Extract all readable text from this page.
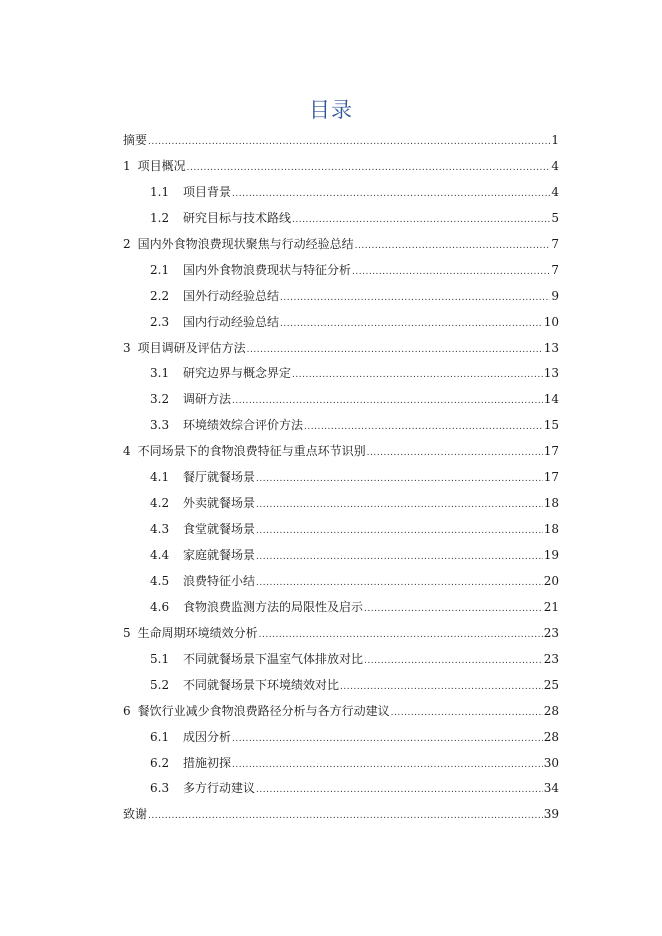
目录
摘要 .....	1
1 项目概况 .....	4
1.1	项目背景 .....	4
1.2	研究目标与技术路线 .....	5
2 国内外食物浪费现状聚焦与行动经验总结 .....	7
2.1	国内外食物浪费现状与特征分析 .....	7
2.2	国外行动经验总结 .....	9
2.3	国内行动经验总结 .....	10
3 项目调研及评估方法 .....	13
3.1	研究边界与概念界定 .....	13
3.2	调研方法 .....	14
3.3	环境绩效综合评价方法 .....	15
4 不同场景下的食物浪费特征与重点环节识别 .....	17
4.1	餐厅就餐场景 .....	17
4.2	外卖就餐场景 .....	18
4.3	食堂就餐场景 .....	18
4.4	家庭就餐场景 .....	19
4.5	浪费特征小结 .....	20
4.6	食物浪费监测方法的局限性及启示 .....	21
5 生命周期环境绩效分析 .....	23
5.1	不同就餐场景下温室气体排放对比 .....	23
5.2	不同就餐场景下环境绩效对比 .....	25
6 餐饮行业减少食物浪费路径分析与各方行动建议 .....	28
6.1	成因分析 .....	28
6.2	措施初探 .....	30
6.3	多方行动建议 .....	34
致谢 .....	39
